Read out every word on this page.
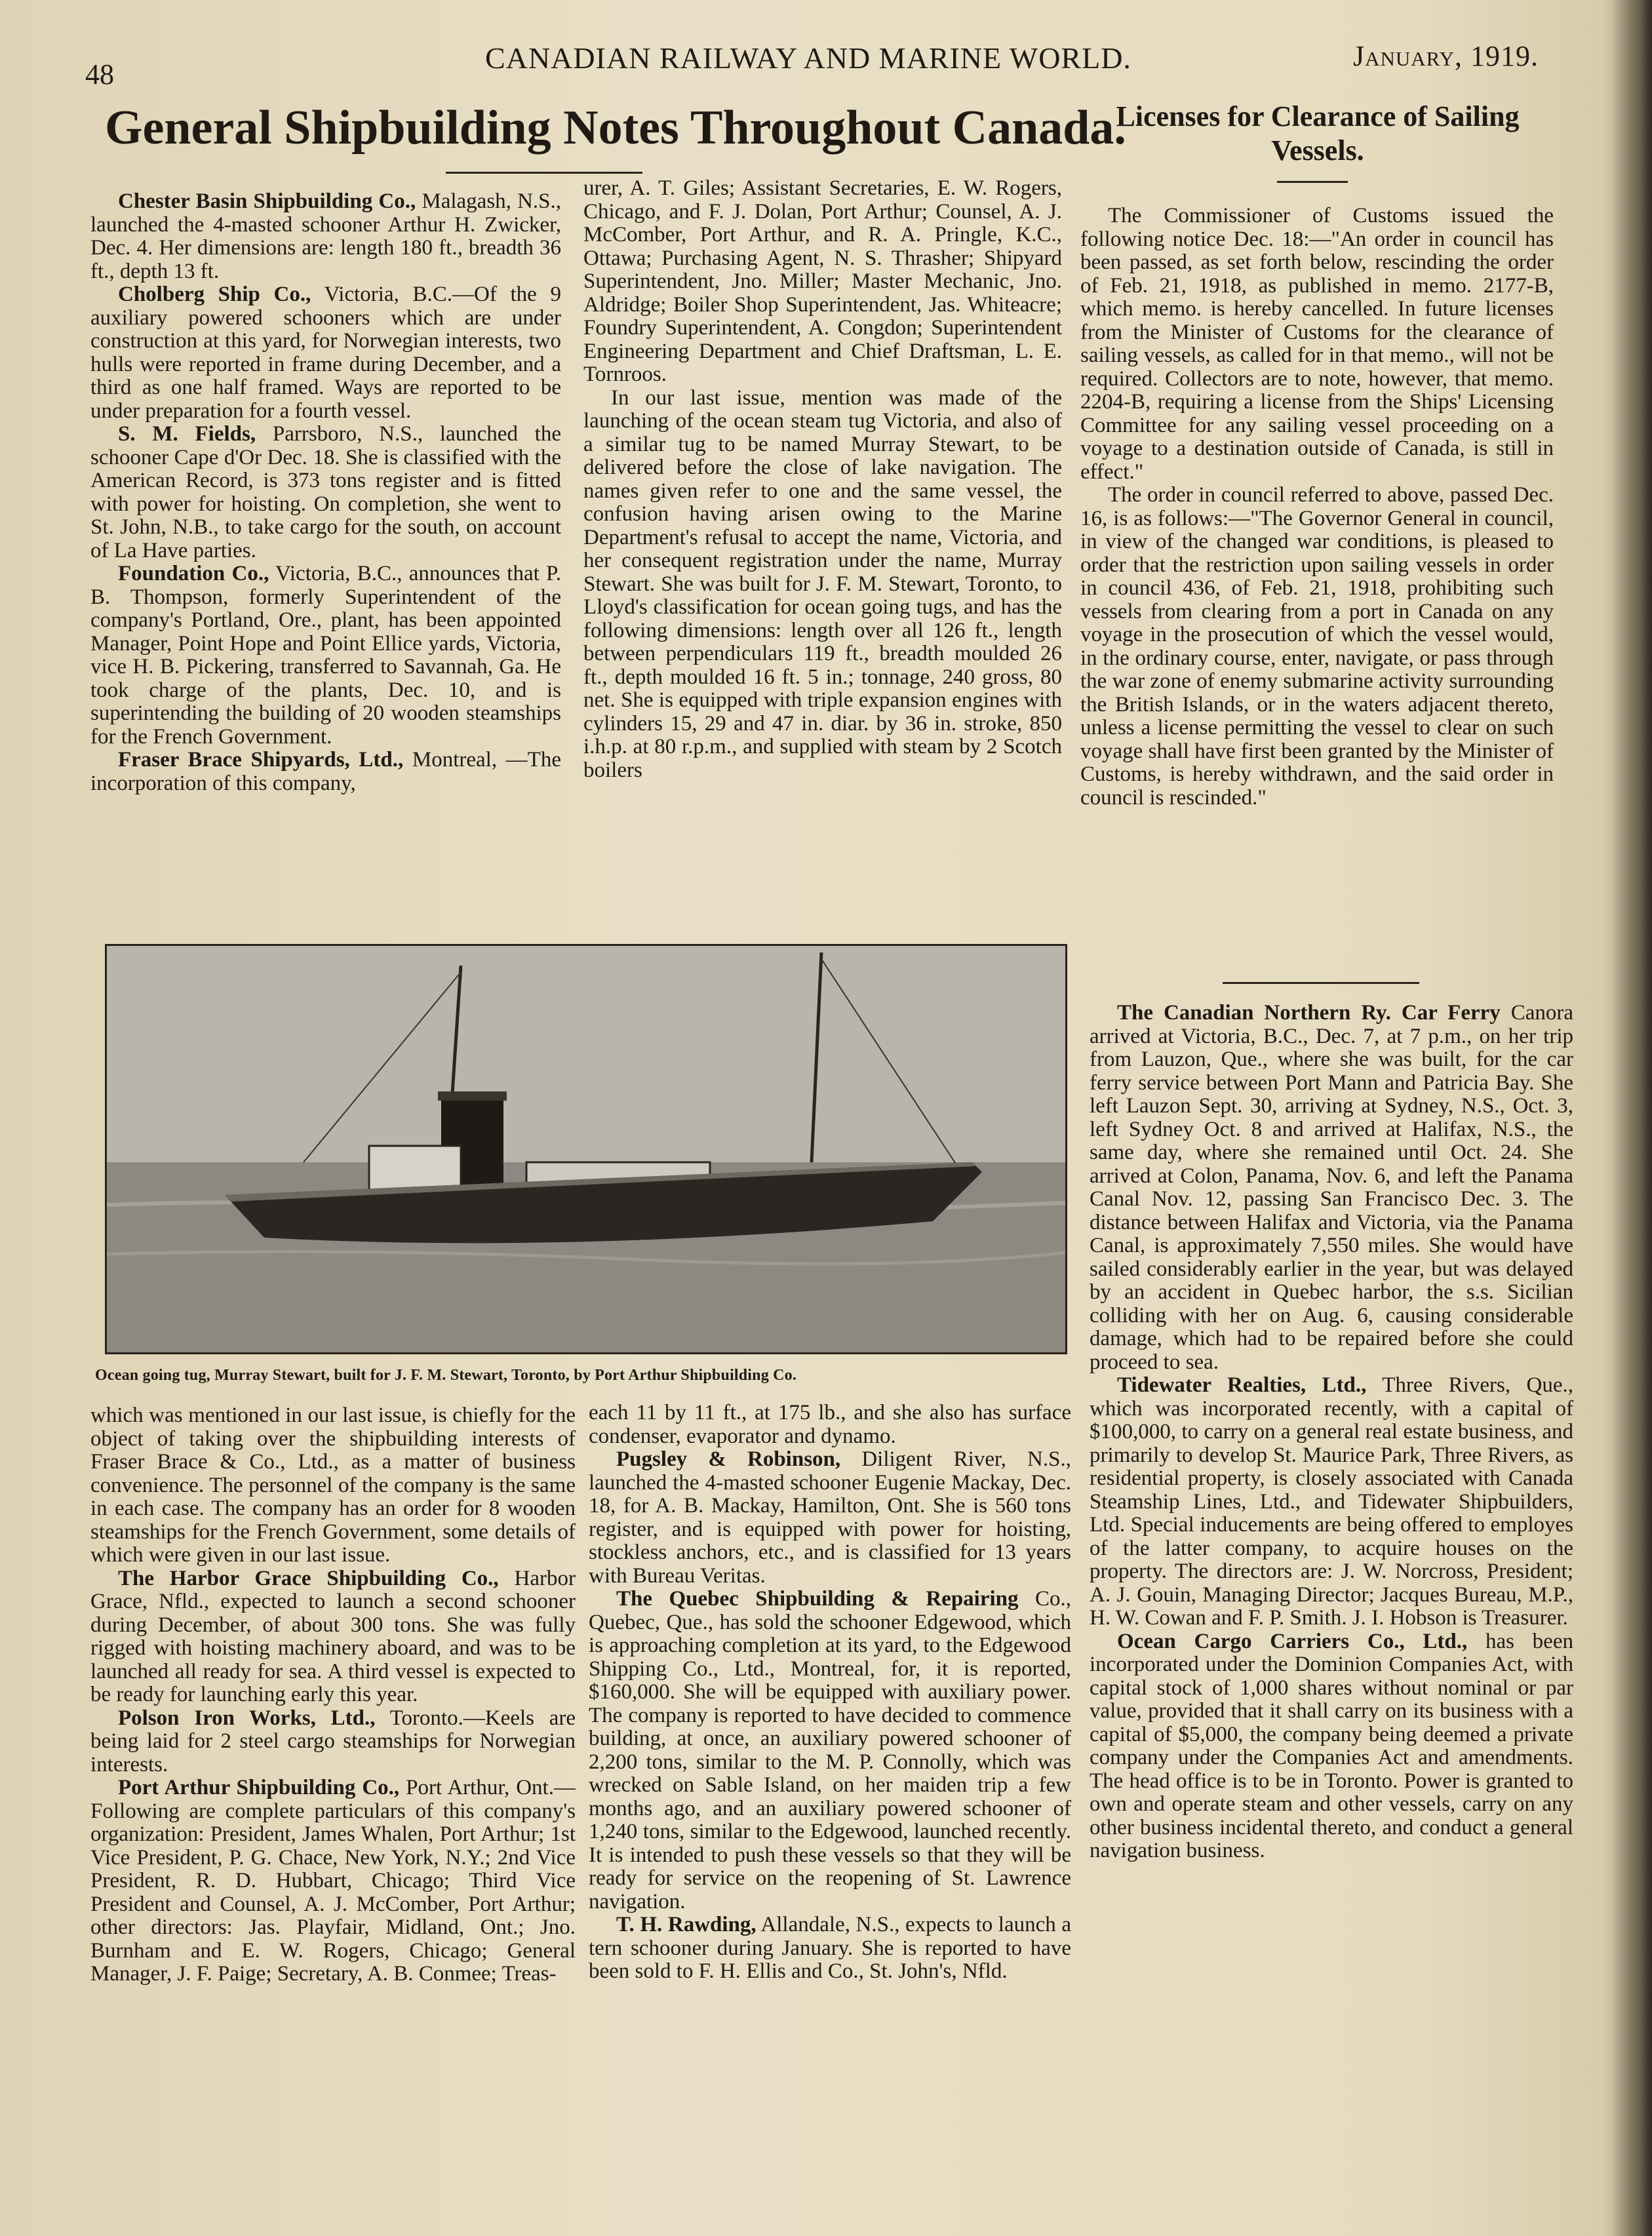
48	CANADIAN RAILWAY AND MARINE WORLD.	January, 1919.
General Shipbuilding Notes Throughout Canada.
Licenses for Clearance of Sailing Vessels.

Chester Basin Shipbuilding Co., Malagash, N.S., launched the 4-masted schooner Arthur H. Zwicker, Dec. 4. Her dimensions are: length 180 ft., breadth 36 ft., depth 13 ft.

Cholberg Ship Co., Victoria, B.C.—Of the 9 auxiliary powered schooners which are under construction at this yard, for Norwegian interests, two hulls were reported in frame during December, and a third as one half framed. Ways are reported to be under preparation for a fourth vessel.

S. M. Fields, Parrsboro, N.S., launched the schooner Cape d'Or Dec. 18. She is classified with the American Record, is 373 tons register and is fitted with power for hoisting. On completion, she went to St. John, N.B., to take cargo for the south, on account of La Have parties.

Foundation Co., Victoria, B.C., announces that P. B. Thompson, formerly Superintendent of the company's Portland, Ore., plant, has been appointed Manager, Point Hope and Point Ellice yards, Victoria, vice H. B. Pickering, transferred to Savannah, Ga. He took charge of the plants, Dec. 10, and is superintending the building of 20 wooden steamships for the French Government.

Fraser Brace Shipyards, Ltd., Montreal, —The incorporation of this company,

urer, A. T. Giles; Assistant Secretaries, E. W. Rogers, Chicago, and F. J. Dolan, Port Arthur; Counsel, A. J. McComber, Port Arthur, and R. A. Pringle, K.C., Ottawa; Purchasing Agent, N. S. Thrasher; Shipyard Superintendent, Jno. Miller; Master Mechanic, Jno. Aldridge; Boiler Shop Superintendent, Jas. Whiteacre; Foundry Superintendent, A. Congdon; Superintendent Engineering Department and Chief Draftsman, L. E. Tornroos.

In our last issue, mention was made of the launching of the ocean steam tug Victoria, and also of a similar tug to be named Murray Stewart, to be delivered before the close of lake navigation. The names given refer to one and the same vessel, the confusion having arisen owing to the Marine Department's refusal to accept the name, Victoria, and her consequent registration under the name, Murray Stewart. She was built for J. F. M. Stewart, Toronto, to Lloyd's classification for ocean going tugs, and has the following dimensions: length over all 126 ft., length between perpendiculars 119 ft., breadth moulded 26 ft., depth moulded 16 ft. 5 in.; tonnage, 240 gross, 80 net. She is equipped with triple expansion engines with cylinders 15, 29 and 47 in. diar. by 36 in. stroke, 850 i.h.p. at 80 r.p.m., and supplied with steam by 2 Scotch boilers

The Commissioner of Customs issued the following notice Dec. 18:—"An order in council has been passed, as set forth below, rescinding the order of Feb. 21, 1918, as published in memo. 2177-B, which memo. is hereby cancelled. In future licenses from the Minister of Customs for the clearance of sailing vessels, as called for in that memo., will not be required. Collectors are to note, however, that memo. 2204-B, requiring a license from the Ships' Licensing Committee for any sailing vessel proceeding on a voyage to a destination outside of Canada, is still in effect."

The order in council referred to above, passed Dec. 16, is as follows:—"The Governor General in council, in view of the changed war conditions, is pleased to order that the restriction upon sailing vessels in order in council 436, of Feb. 21, 1918, prohibiting such vessels from clearing from a port in Canada on any voyage in the prosecution of which the vessel would, in the ordinary course, enter, navigate, or pass through the war zone of enemy submarine activity surrounding the British Islands, or in the waters adjacent thereto, unless a license permitting the vessel to clear on such voyage shall have first been granted by the Minister of Customs, is hereby withdrawn, and the said order in council is rescinded."

Ocean going tug, Murray Stewart, built for J. F. M. Stewart, Toronto, by Port Arthur Shipbuilding Co.

which was mentioned in our last issue, is chiefly for the object of taking over the shipbuilding interests of Fraser Brace & Co., Ltd., as a matter of business convenience. The personnel of the company is the same in each case. The company has an order for 8 wooden steamships for the French Government, some details of which were given in our last issue.

The Harbor Grace Shipbuilding Co., Harbor Grace, Nfld., expected to launch a second schooner during December, of about 300 tons. She was fully rigged with hoisting machinery aboard, and was to be launched all ready for sea. A third vessel is expected to be ready for launching early this year.

Polson Iron Works, Ltd., Toronto.—Keels are being laid for 2 steel cargo steamships for Norwegian interests.

Port Arthur Shipbuilding Co., Port Arthur, Ont.—Following are complete particulars of this company's organization: President, James Whalen, Port Arthur; 1st Vice President, P. G. Chace, New York, N.Y.; 2nd Vice President, R. D. Hubbart, Chicago; Third Vice President and Counsel, A. J. McComber, Port Arthur; other directors: Jas. Playfair, Midland, Ont.; Jno. Burnham and E. W. Rogers, Chicago; General Manager, J. F. Paige; Secretary, A. B. Conmee; Treas-

each 11 by 11 ft., at 175 lb., and she also has surface condenser, evaporator and dynamo.

Pugsley & Robinson, Diligent River, N.S., launched the 4-masted schooner Eugenie Mackay, Dec. 18, for A. B. Mackay, Hamilton, Ont. She is 560 tons register, and is equipped with power for hoisting, stockless anchors, etc., and is classified for 13 years with Bureau Veritas.

The Quebec Shipbuilding & Repairing Co., Quebec, Que., has sold the schooner Edgewood, which is approaching completion at its yard, to the Edgewood Shipping Co., Ltd., Montreal, for, it is reported, $160,000. She will be equipped with auxiliary power. The company is reported to have decided to commence building, at once, an auxiliary powered schooner of 2,200 tons, similar to the M. P. Connolly, which was wrecked on Sable Island, on her maiden trip a few months ago, and an auxiliary powered schooner of 1,240 tons, similar to the Edgewood, launched recently. It is intended to push these vessels so that they will be ready for service on the reopening of St. Lawrence navigation.

T. H. Rawding, Allandale, N.S., expects to launch a tern schooner during January. She is reported to have been sold to F. H. Ellis and Co., St. John's, Nfld.

The Canadian Northern Ry. Car Ferry Canora arrived at Victoria, B.C., Dec. 7, at 7 p.m., on her trip from Lauzon, Que., where she was built, for the car ferry service between Port Mann and Patricia Bay. She left Lauzon Sept. 30, arriving at Sydney, N.S., Oct. 3, left Sydney Oct. 8 and arrived at Halifax, N.S., the same day, where she remained until Oct. 24. She arrived at Colon, Panama, Nov. 6, and left the Panama Canal Nov. 12, passing San Francisco Dec. 3. The distance between Halifax and Victoria, via the Panama Canal, is approximately 7,550 miles. She would have sailed considerably earlier in the year, but was delayed by an accident in Quebec harbor, the s.s. Sicilian colliding with her on Aug. 6, causing considerable damage, which had to be repaired before she could proceed to sea.

Tidewater Realties, Ltd., Three Rivers, Que., which was incorporated recently, with a capital of $100,000, to carry on a general real estate business, and primarily to develop St. Maurice Park, Three Rivers, as residential property, is closely associated with Canada Steamship Lines, Ltd., and Tidewater Shipbuilders, Ltd. Special inducements are being offered to employes of the latter company, to acquire houses on the property. The directors are: J. W. Norcross, President; A. J. Gouin, Managing Director; Jacques Bureau, M.P., H. W. Cowan and F. P. Smith. J. I. Hobson is Treasurer.

Ocean Cargo Carriers Co., Ltd., has been incorporated under the Dominion Companies Act, with capital stock of 1,000 shares without nominal or par value, provided that it shall carry on its business with a capital of $5,000, the company being deemed a private company under the Companies Act and amendments. The head office is to be in Toronto. Power is granted to own and operate steam and other vessels, carry on any other business incidental thereto, and conduct a general navigation business.
